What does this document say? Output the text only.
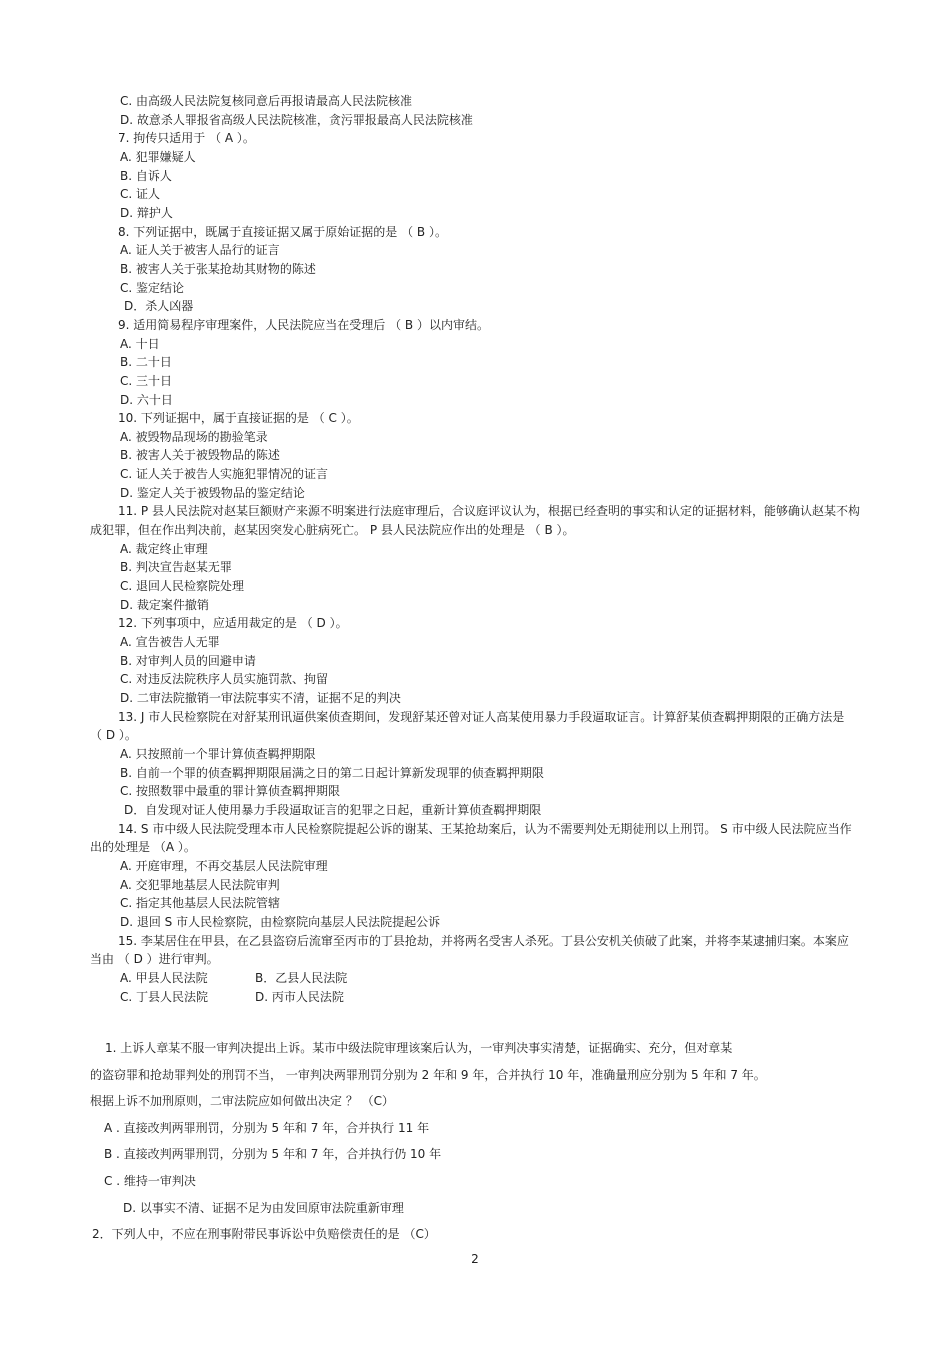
C. 由高级人民法院复核同意后再报请最高人民法院核准

D. 故意杀人罪报省高级人民法院核准，贪污罪报最高人民法院核准

7. 拘传只适用于 （ A ）。

A. 犯罪嫌疑人

B. 自诉人

C. 证人

D. 辩护人

8. 下列证据中，既属于直接证据又属于原始证据的是 （ B ）。

A. 证人关于被害人品行的证言

B. 被害人关于张某抢劫其财物的陈述

C. 鉴定结论

D．杀人凶器

9. 适用简易程序审理案件，人民法院应当在受理后 （ B ）以内审结。

A. 十日

B. 二十日

C. 三十日

D. 六十日

10. 下列证据中，属于直接证据的是 （ C ）。

A. 被毁物品现场的勘验笔录

B. 被害人关于被毁物品的陈述

C. 证人关于被告人实施犯罪情况的证言

D. 鉴定人关于被毁物品的鉴定结论

11. P 县人民法院对赵某巨额财产来源不明案进行法庭审理后，合议庭评议认为，根据已经查明的事实和认定的证据材料，能够确认赵某不构成犯罪，但在作出判决前，赵某因突发心脏病死亡。 P 县人民法院应作出的处理是 （ B ）。

A. 裁定终止审理

B. 判决宣告赵某无罪

C. 退回人民检察院处理

D. 裁定案件撤销

12. 下列事项中，应适用裁定的是 （ D ）。

A. 宣告被告人无罪

B. 对审判人员的回避申请

C. 对违反法院秩序人员实施罚款、拘留

D. 二审法院撤销一审法院事实不清，证据不足的判决

13. J 市人民检察院在对舒某刑讯逼供案侦查期间，发现舒某还曾对证人高某使用暴力手段逼取证言。计算舒某侦查羁押期限的正确方法是 （ D ）。

A. 只按照前一个罪计算侦查羁押期限

B. 自前一个罪的侦查羁押期限届满之日的第二日起计算新发现罪的侦查羁押期限

C. 按照数罪中最重的罪计算侦查羁押期限

D．自发现对证人使用暴力手段逼取证言的犯罪之日起，重新计算侦查羁押期限

14. S 市中级人民法院受理本市人民检察院提起公诉的谢某、王某抢劫案后，认为不需要判处无期徒刑以上刑罚。 S 市中级人民法院应当作出的处理是 （A ）。

A. 开庭审理，不再交基层人民法院审理

A. 交犯罪地基层人民法院审判

C. 指定其他基层人民法院管辖

D. 退回 S 市人民检察院，由检察院向基层人民法院提起公诉

15. 李某居住在甲县，在乙县盗窃后流窜至丙市的丁县抢劫，并将两名受害人杀死。丁县公安机关侦破了此案，并将李某逮捕归案。本案应当由 （ D ）进行审判。

A. 甲县人民法院	B．乙县人民法院

C. 丁县人民法院	D. 丙市人民法院

1. 上诉人章某不服一审判决提出上诉。某市中级法院审理该案后认为，一审判决事实清楚，证据确实、充分，但对章某

的盗窃罪和抢劫罪判处的刑罚不当， 一审判决两罪刑罚分别为 2 年和 9 年，合并执行 10 年，准确量刑应分别为 5 年和 7 年。

根据上诉不加刑原则，二审法院应如何做出决定 ？ （C）

A . 直接改判两罪刑罚，分别为 5 年和 7 年，合并执行 11 年

B . 直接改判两罪刑罚，分别为 5 年和 7 年，合并执行仍 10 年

C . 维持一审判决

D. 以事实不清、证据不足为由发回原审法院重新审理

2．下列人中，不应在刑事附带民事诉讼中负赔偿责任的是 （C）

2
